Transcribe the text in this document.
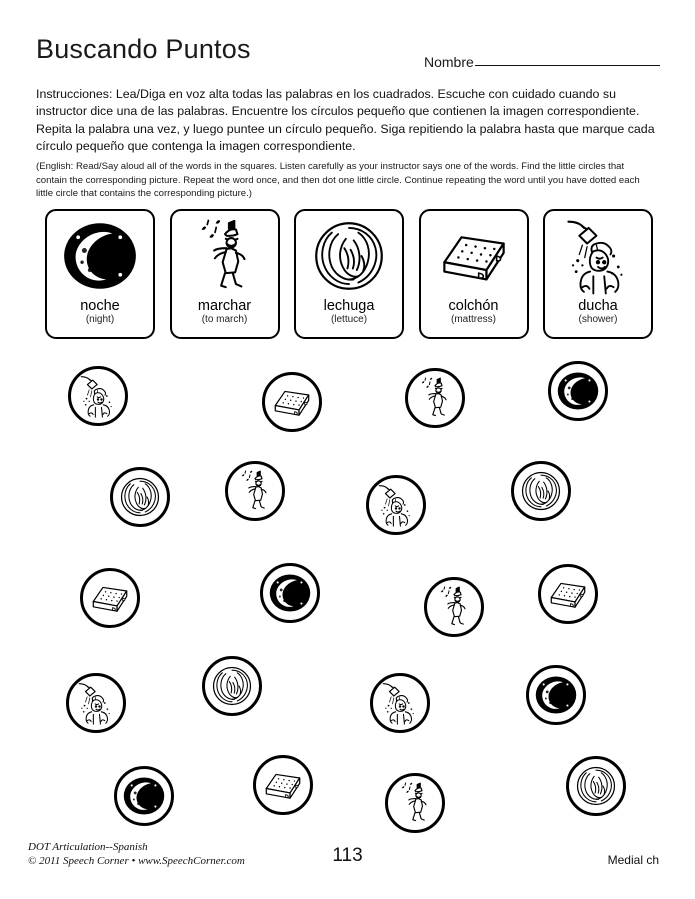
Buscando Puntos	Nombre
Instrucciones: Lea/Diga en voz alta todas las palabras en los cuadrados. Escuche con cuidado cuando su instructor dice una de las palabras. Encuentre los círculos pequeño que contienen la imagen correspondiente. Repita la palabra una vez, y luego puntee un círculo pequeño. Siga repitiendo la palabra hasta que marque cada círculo pequeño que contenga la imagen correspondiente.
(English: Read/Say aloud all of the words in the squares. Listen carefully as your instructor says one of the words. Find the little circles that contain the corresponding picture. Repeat the word once, and then dot one little circle. Continue repeating the word until you have dotted each little circle that contains the corresponding picture.)
noche
(night)
marchar
(to march)
lechuga
(lettuce)
colchón
(mattress)
ducha
(shower)
DOT Articulation--Spanish
© 2011 Speech Corner • www.SpeechCorner.com	113	Medial ch
